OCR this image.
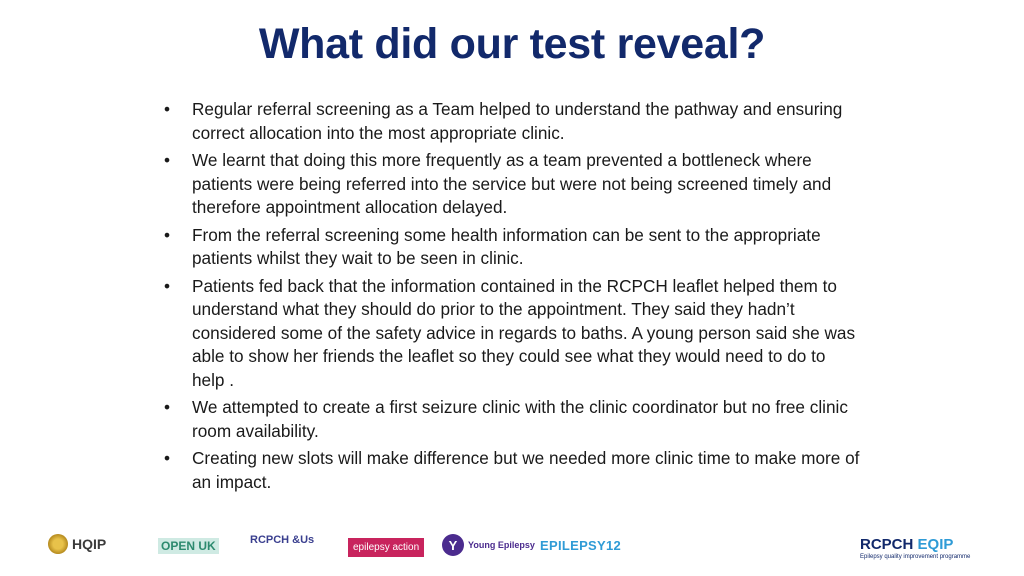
What did our test reveal?
• Regular referral screening as a Team helped to understand the pathway and ensuring correct allocation into the most appropriate clinic.
• We learnt that doing this more frequently as a team prevented a bottleneck where patients were being referred into the service but were not being screened timely and therefore appointment allocation delayed.
• From the referral screening some health information can be sent to the appropriate patients whilst they wait to be seen in clinic.
• Patients fed back that the information contained in the RCPCH leaflet helped them to understand what they should do prior to the appointment. They said they hadn’t considered some of the safety advice in regards to baths. A young person said she was able to show her friends the leaflet so they could see what they would need to do to help .
• We attempted to create a first seizure clinic with the clinic coordinator but no free clinic room availability.
• Creating new slots will make difference but we needed more clinic time to make more of an impact.
HQIP	OPEN UK	RCPCH &Us
epilepsy action	Y	Young Epilepsy EPILEPSY 12	RCPCH EQIP
Epilepsy quality improvement programme
